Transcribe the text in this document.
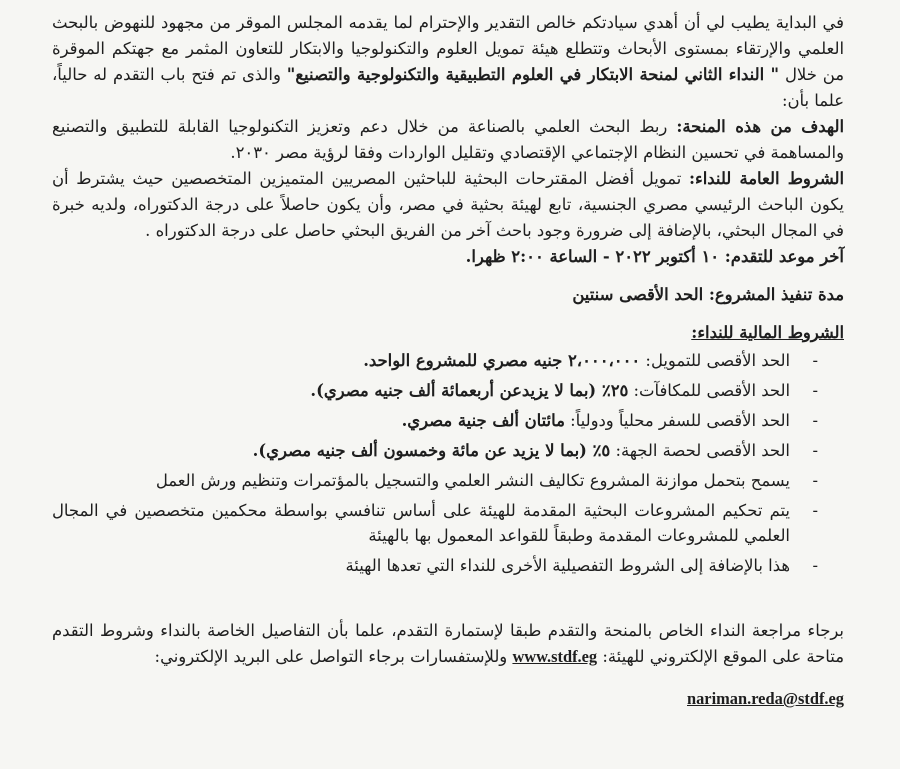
في البداية يطيب لي أن أهدي سيادتكم خالص التقدير والإحترام لما يقدمه المجلس الموقر من مجهود للنهوض بالبحث العلمي والإرتقاء بمستوى الأبحاث وتتطلع هيئة تمويل العلوم والتكنولوجيا والابتكار للتعاون المثمر مع جهتكم الموقرة من خلال " النداء الثاني لمنحة الابتكار في العلوم التطبيقية والتكنولوجية والتصنيع" والذى تم فتح باب التقدم له حالياً، علما بأن:

الهدف من هذه المنحة: ربط البحث العلمي بالصناعة من خلال دعم وتعزيز التكنولوجيا القابلة للتطبيق والتصنيع والمساهمة في تحسين النظام الإجتماعي الإقتصادي وتقليل الواردات وفقا لرؤية مصر ٢٠٣٠.

الشروط العامة للنداء: تمويل أفضل المقترحات البحثية للباحثين المصريين المتميزين المتخصصين حيث يشترط أن يكون الباحث الرئيسي مصري الجنسية، تابع لهيئة بحثية في مصر، وأن يكون حاصلاً على درجة الدكتوراه، ولديه خبرة في المجال البحثي، بالإضافة إلى ضرورة وجود باحث آخر من الفريق البحثي حاصل على درجة الدكتوراه .

آخر موعد للتقدم: ١٠ أكتوبر ٢٠٢٢ - الساعة ٢:٠٠ ظهرا.

مدة تنفيذ المشروع: الحد الأقصى سنتين

الشروط المالية للنداء:

-
الحد الأقصى للتمويل: ٢،٠٠٠،٠٠٠ جنيه مصري للمشروع الواحد.
-
الحد الأقصى للمكافآت: ٢٥٪ (بما لا يزيدعن أربعمائة ألف جنيه مصري).
-
الحد الأقصى للسفر محلياً ودولياً: مائتان ألف جنية مصري.
-
الحد الأقصى لحصة الجهة: ٥٪ (بما لا يزيد عن مائة وخمسون ألف جنيه مصري).
-
يسمح بتحمل موازنة المشروع تكاليف النشر العلمي والتسجيل بالمؤتمرات وتنظيم ورش العمل
-
يتم تحكيم المشروعات البحثية المقدمة للهيئة على أساس تنافسي بواسطة محكمين متخصصين في المجال العلمي للمشروعات المقدمة وطبقاً للقواعد المعمول بها بالهيئة
-
هذا بالإضافة إلى الشروط التفصيلية الأخرى للنداء التي تعدها الهيئة

برجاء مراجعة النداء الخاص بالمنحة والتقدم طبقا لإستمارة التقدم، علما بأن التفاصيل الخاصة بالنداء وشروط التقدم متاحة على الموقع الإلكتروني للهيئة: www.stdf.eg وللإستفسارات برجاء التواصل على البريد الإلكتروني:

nariman.reda@stdf.eg
